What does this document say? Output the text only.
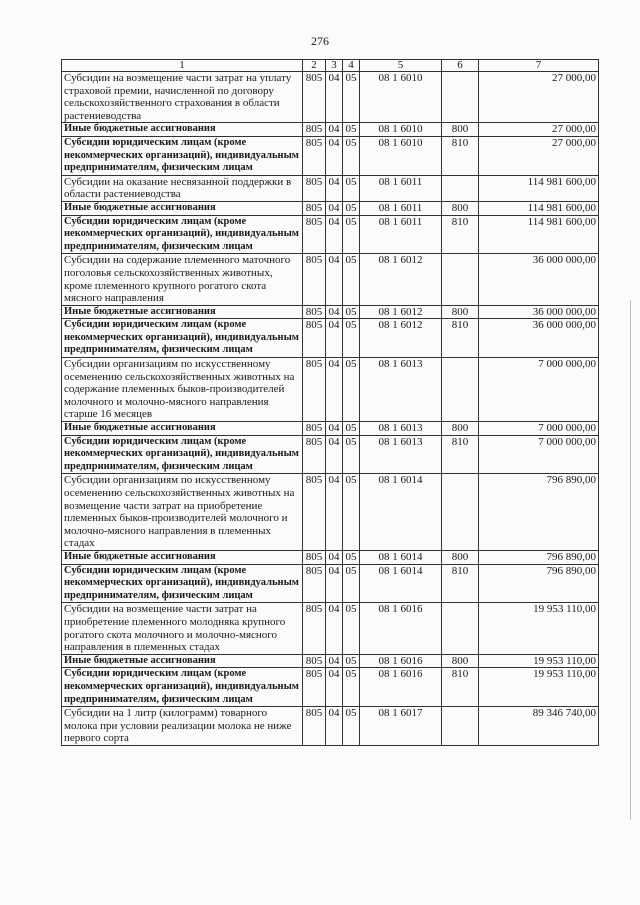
276
1	2	3	4	5	6	7
Субсидии на возмещение части затрат на уплату страховой премии, начисленной по договору сельскохозяйственного страхования в области растениеводства	805	04	05	08 1 6010		27 000,00
Иные бюджетные ассигнования	805	04	05	08 1 6010	800	27 000,00
Субсидии юридическим лицам (кроме некоммерческих организаций), индивидуальным предпринимателям, физическим лицам	805	04	05	08 1 6010	810	27 000,00
Субсидии на оказание несвязанной поддержки в области растениеводства	805	04	05	08 1 6011		114 981 600,00
Иные бюджетные ассигнования	805	04	05	08 1 6011	800	114 981 600,00
Субсидии юридическим лицам (кроме некоммерческих организаций), индивидуальным предпринимателям, физическим лицам	805	04	05	08 1 6011	810	114 981 600,00
Субсидии на содержание племенного маточного поголовья сельскохозяйственных животных, кроме племенного крупного рогатого скота мясного направления	805	04	05	08 1 6012		36 000 000,00
Иные бюджетные ассигнования	805	04	05	08 1 6012	800	36 000 000,00
Субсидии юридическим лицам (кроме некоммерческих организаций), индивидуальным предпринимателям, физическим лицам	805	04	05	08 1 6012	810	36 000 000,00
Субсидии организациям по искусственному осеменению сельскохозяйственных животных на содержание племенных быков-производителей молочного и молочно-мясного направления старше 16 месяцев	805	04	05	08 1 6013		7 000 000,00
Иные бюджетные ассигнования	805	04	05	08 1 6013	800	7 000 000,00
Субсидии юридическим лицам (кроме некоммерческих организаций), индивидуальным предпринимателям, физическим лицам	805	04	05	08 1 6013	810	7 000 000,00
Субсидии организациям по искусственному осеменению сельскохозяйственных животных на возмещение части затрат на приобретение племенных быков-производителей молочного и молочно-мясного направления в племенных стадах	805	04	05	08 1 6014		796 890,00
Иные бюджетные ассигнования	805	04	05	08 1 6014	800	796 890,00
Субсидии юридическим лицам (кроме некоммерческих организаций), индивидуальным предпринимателям, физическим лицам	805	04	05	08 1 6014	810	796 890,00
Субсидии на возмещение части затрат на приобретение племенного молодняка крупного рогатого скота молочного и молочно-мясного направления в племенных стадах	805	04	05	08 1 6016		19 953 110,00
Иные бюджетные ассигнования	805	04	05	08 1 6016	800	19 953 110,00
Субсидии юридическим лицам (кроме некоммерческих организаций), индивидуальным предпринимателям, физическим лицам	805	04	05	08 1 6016	810	19 953 110,00
Субсидии на 1 литр (килограмм) товарного молока при условии реализации молока не ниже первого сорта	805	04	05	08 1 6017		89 346 740,00
